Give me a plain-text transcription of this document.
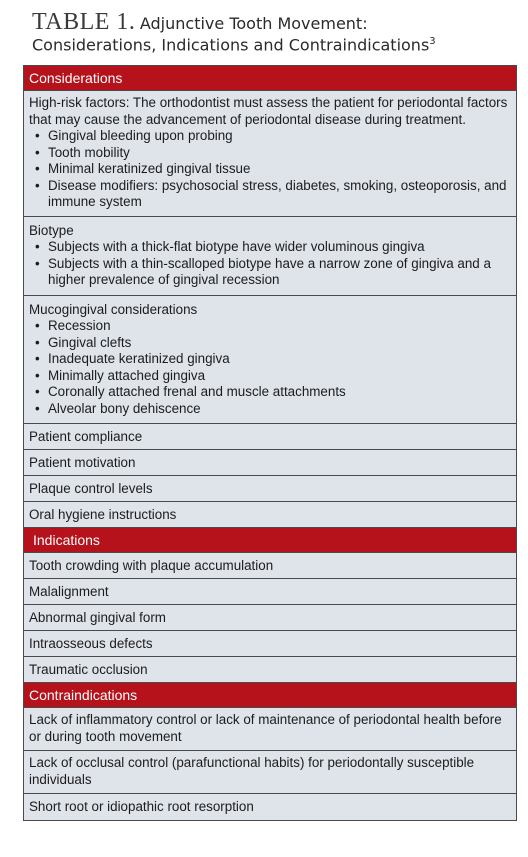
TABLE 1. Adjunctive Tooth Movement:
Considerations, Indications and Contraindications$^3$
Considerations
High-risk factors: The orthodontist must assess the patient for periodontal factors that may cause the advancement of periodontal disease during treatment.
• Gingival bleeding upon probing
• Tooth mobility
• Minimal keratinized gingival tissue
• Disease modifiers: psychosocial stress, diabetes, smoking, osteoporosis, and immune system
Biotype
• Subjects with a thick-flat biotype have wider voluminous gingiva
• Subjects with a thin-scalloped biotype have a narrow zone of gingiva and a higher prevalence of gingival recession
Mucogingival considerations
• Recession
• Gingival clefts
• Inadequate keratinized gingiva
• Minimally attached gingiva
• Coronally attached frenal and muscle attachments
• Alveolar bony dehiscence
Patient compliance
Patient motivation
Plaque control levels
Oral hygiene instructions
Indications
Tooth crowding with plaque accumulation
Malalignment
Abnormal gingival form
Intraosseous defects
Traumatic occlusion
Contraindications
Lack of inflammatory control or lack of maintenance of periodontal health before or during tooth movement
Lack of occlusal control (parafunctional habits) for periodontally susceptible individuals
Short root or idiopathic root resorption
